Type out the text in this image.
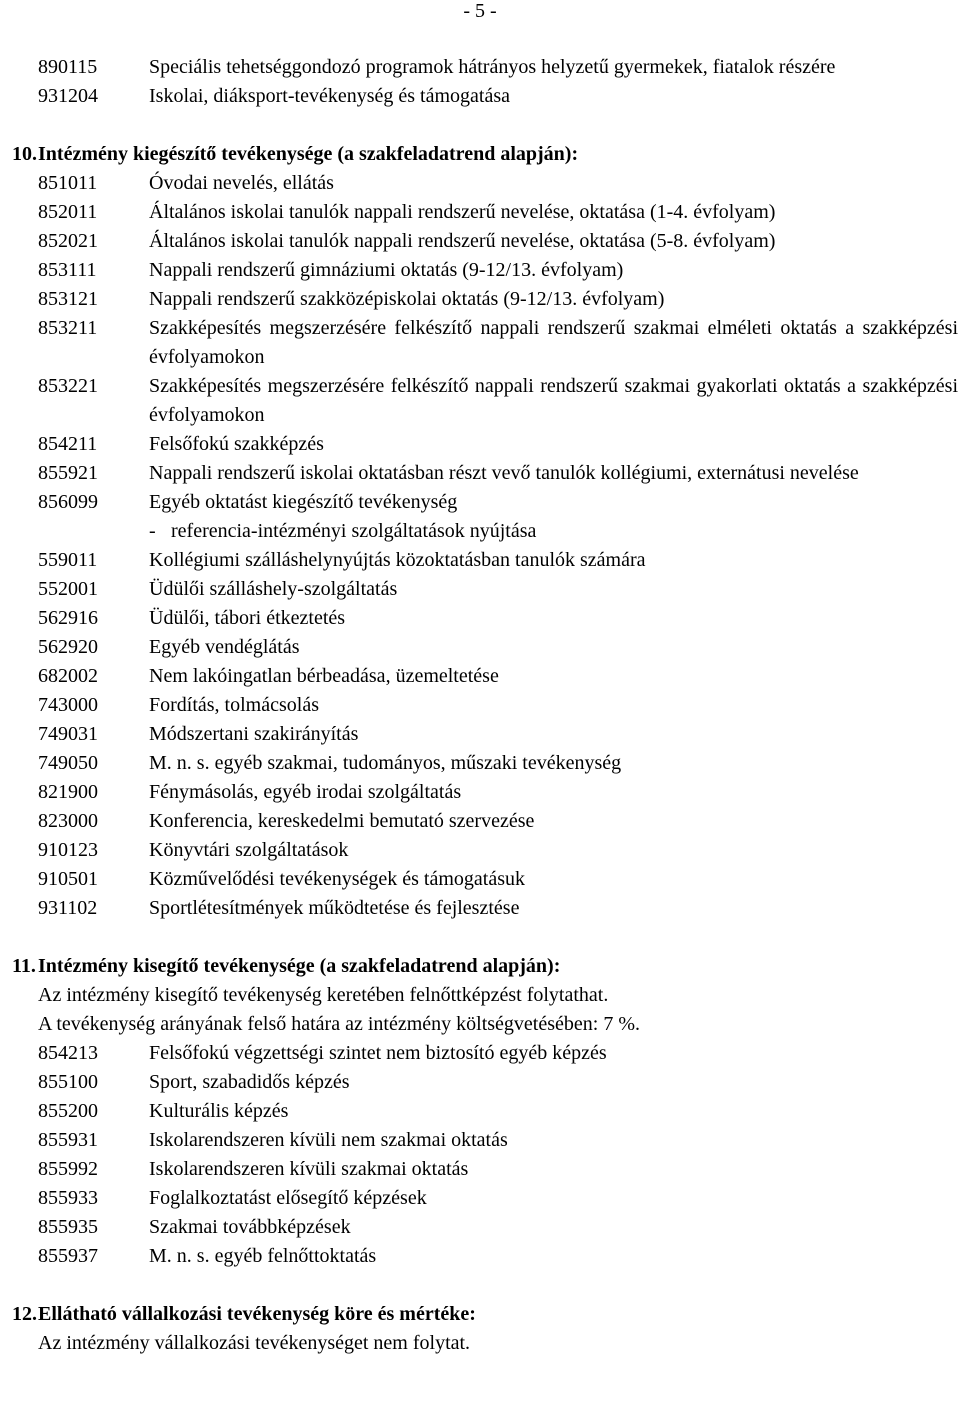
- 5 -
890115	Speciális tehetséggondozó programok hátrányos helyzetű gyermekek, fiatalok részére
931204	Iskolai, diáksport-tevékenység és támogatása
10. Intézmény kiegészítő tevékenysége (a szakfeladatrend alapján):
851011	Óvodai nevelés, ellátás
852011	Általános iskolai tanulók nappali rendszerű nevelése, oktatása (1-4. évfolyam)
852021	Általános iskolai tanulók nappali rendszerű nevelése, oktatása (5-8. évfolyam)
853111	Nappali rendszerű gimnáziumi oktatás (9-12/13. évfolyam)
853121	Nappali rendszerű szakközépiskolai oktatás (9-12/13. évfolyam)
853211	Szakképesítés megszerzésére felkészítő nappali rendszerű szakmai elméleti oktatás a szakképzési évfolyamokon
853221	Szakképesítés megszerzésére felkészítő nappali rendszerű szakmai gyakorlati oktatás a szakképzési évfolyamokon
854211	Felsőfokú szakképzés
855921	Nappali rendszerű iskolai oktatásban részt vevő tanulók kollégiumi, externátusi nevelése
856099	Egyéb oktatást kiegészítő tevékenység
- referencia-intézményi szolgáltatások nyújtása
559011	Kollégiumi szálláshelynyújtás közoktatásban tanulók számára
552001	Üdülői szálláshely-szolgáltatás
562916	Üdülői, tábori étkeztetés
562920	Egyéb vendéglátás
682002	Nem lakóingatlan bérbeadása, üzemeltetése
743000	Fordítás, tolmácsolás
749031	Módszertani szakirányítás
749050	M. n. s. egyéb szakmai, tudományos, műszaki tevékenység
821900	Fénymásolás, egyéb irodai szolgáltatás
823000	Konferencia, kereskedelmi bemutató szervezése
910123	Könyvtári szolgáltatások
910501	Közművelődési tevékenységek és támogatásuk
931102	Sportlétesítmények működtetése és fejlesztése
11. Intézmény kisegítő tevékenysége (a szakfeladatrend alapján):
Az intézmény kisegítő tevékenység keretében felnőttképzést folytathat.
A tevékenység arányának felső határa az intézmény költségvetésében: 7 %.
854213	Felsőfokú végzettségi szintet nem biztosító egyéb képzés
855100	Sport, szabadidős képzés
855200	Kulturális képzés
855931	Iskolarendszeren kívüli nem szakmai oktatás
855992	Iskolarendszeren kívüli szakmai oktatás
855933	Foglalkoztatást elősegítő képzések
855935	Szakmai továbbképzések
855937	M. n. s. egyéb felnőttoktatás
12. Ellátható vállalkozási tevékenység köre és mértéke:
Az intézmény vállalkozási tevékenységet nem folytat.
